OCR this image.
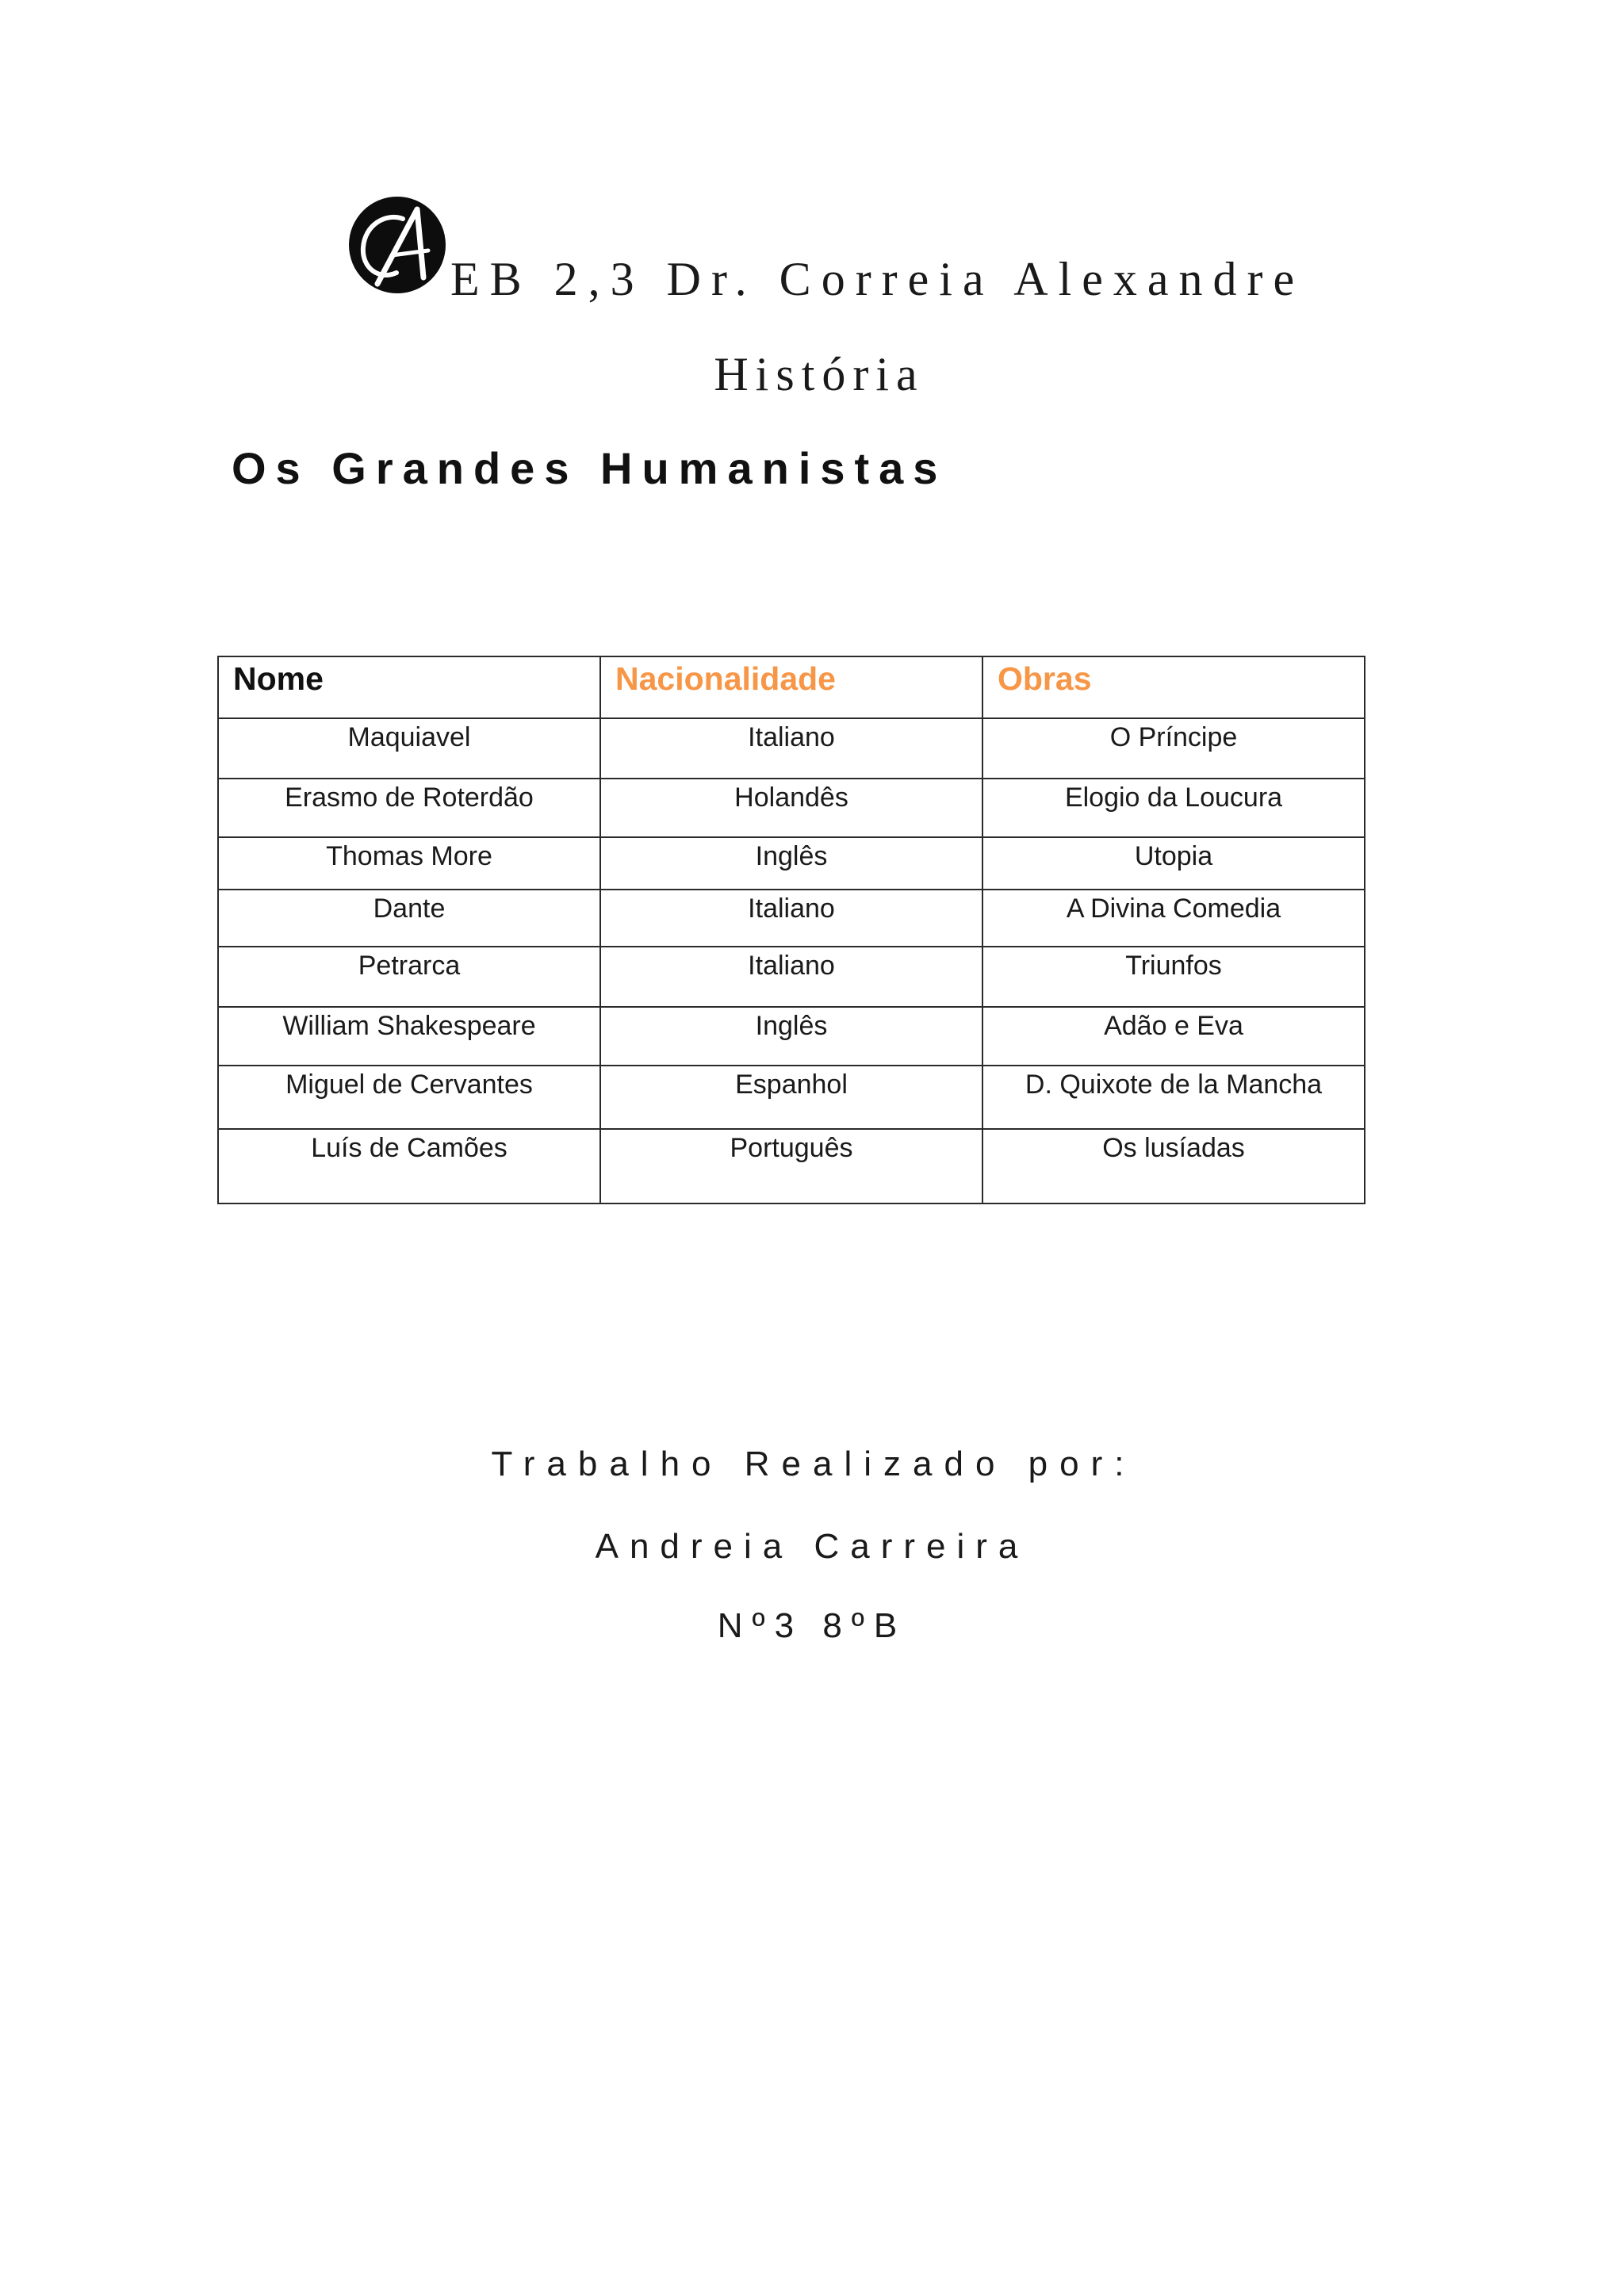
EB 2,3 Dr. Correia Alexandre
História
Os Grandes Humanistas
Nome	Nacionalidade	Obras
Maquiavel	Italiano	O Príncipe
Erasmo de Roterdão	Holandês	Elogio da Loucura
Thomas More	Inglês	Utopia
Dante	Italiano	A Divina Comedia
Petrarca	Italiano	Triunfos
William Shakespeare	Inglês	Adão e Eva
Miguel de Cervantes	Espanhol	D. Quixote de la Mancha
Luís de Camões	Português	Os lusíadas
Trabalho Realizado por:
Andreia Carreira
Nº3 8ºB
